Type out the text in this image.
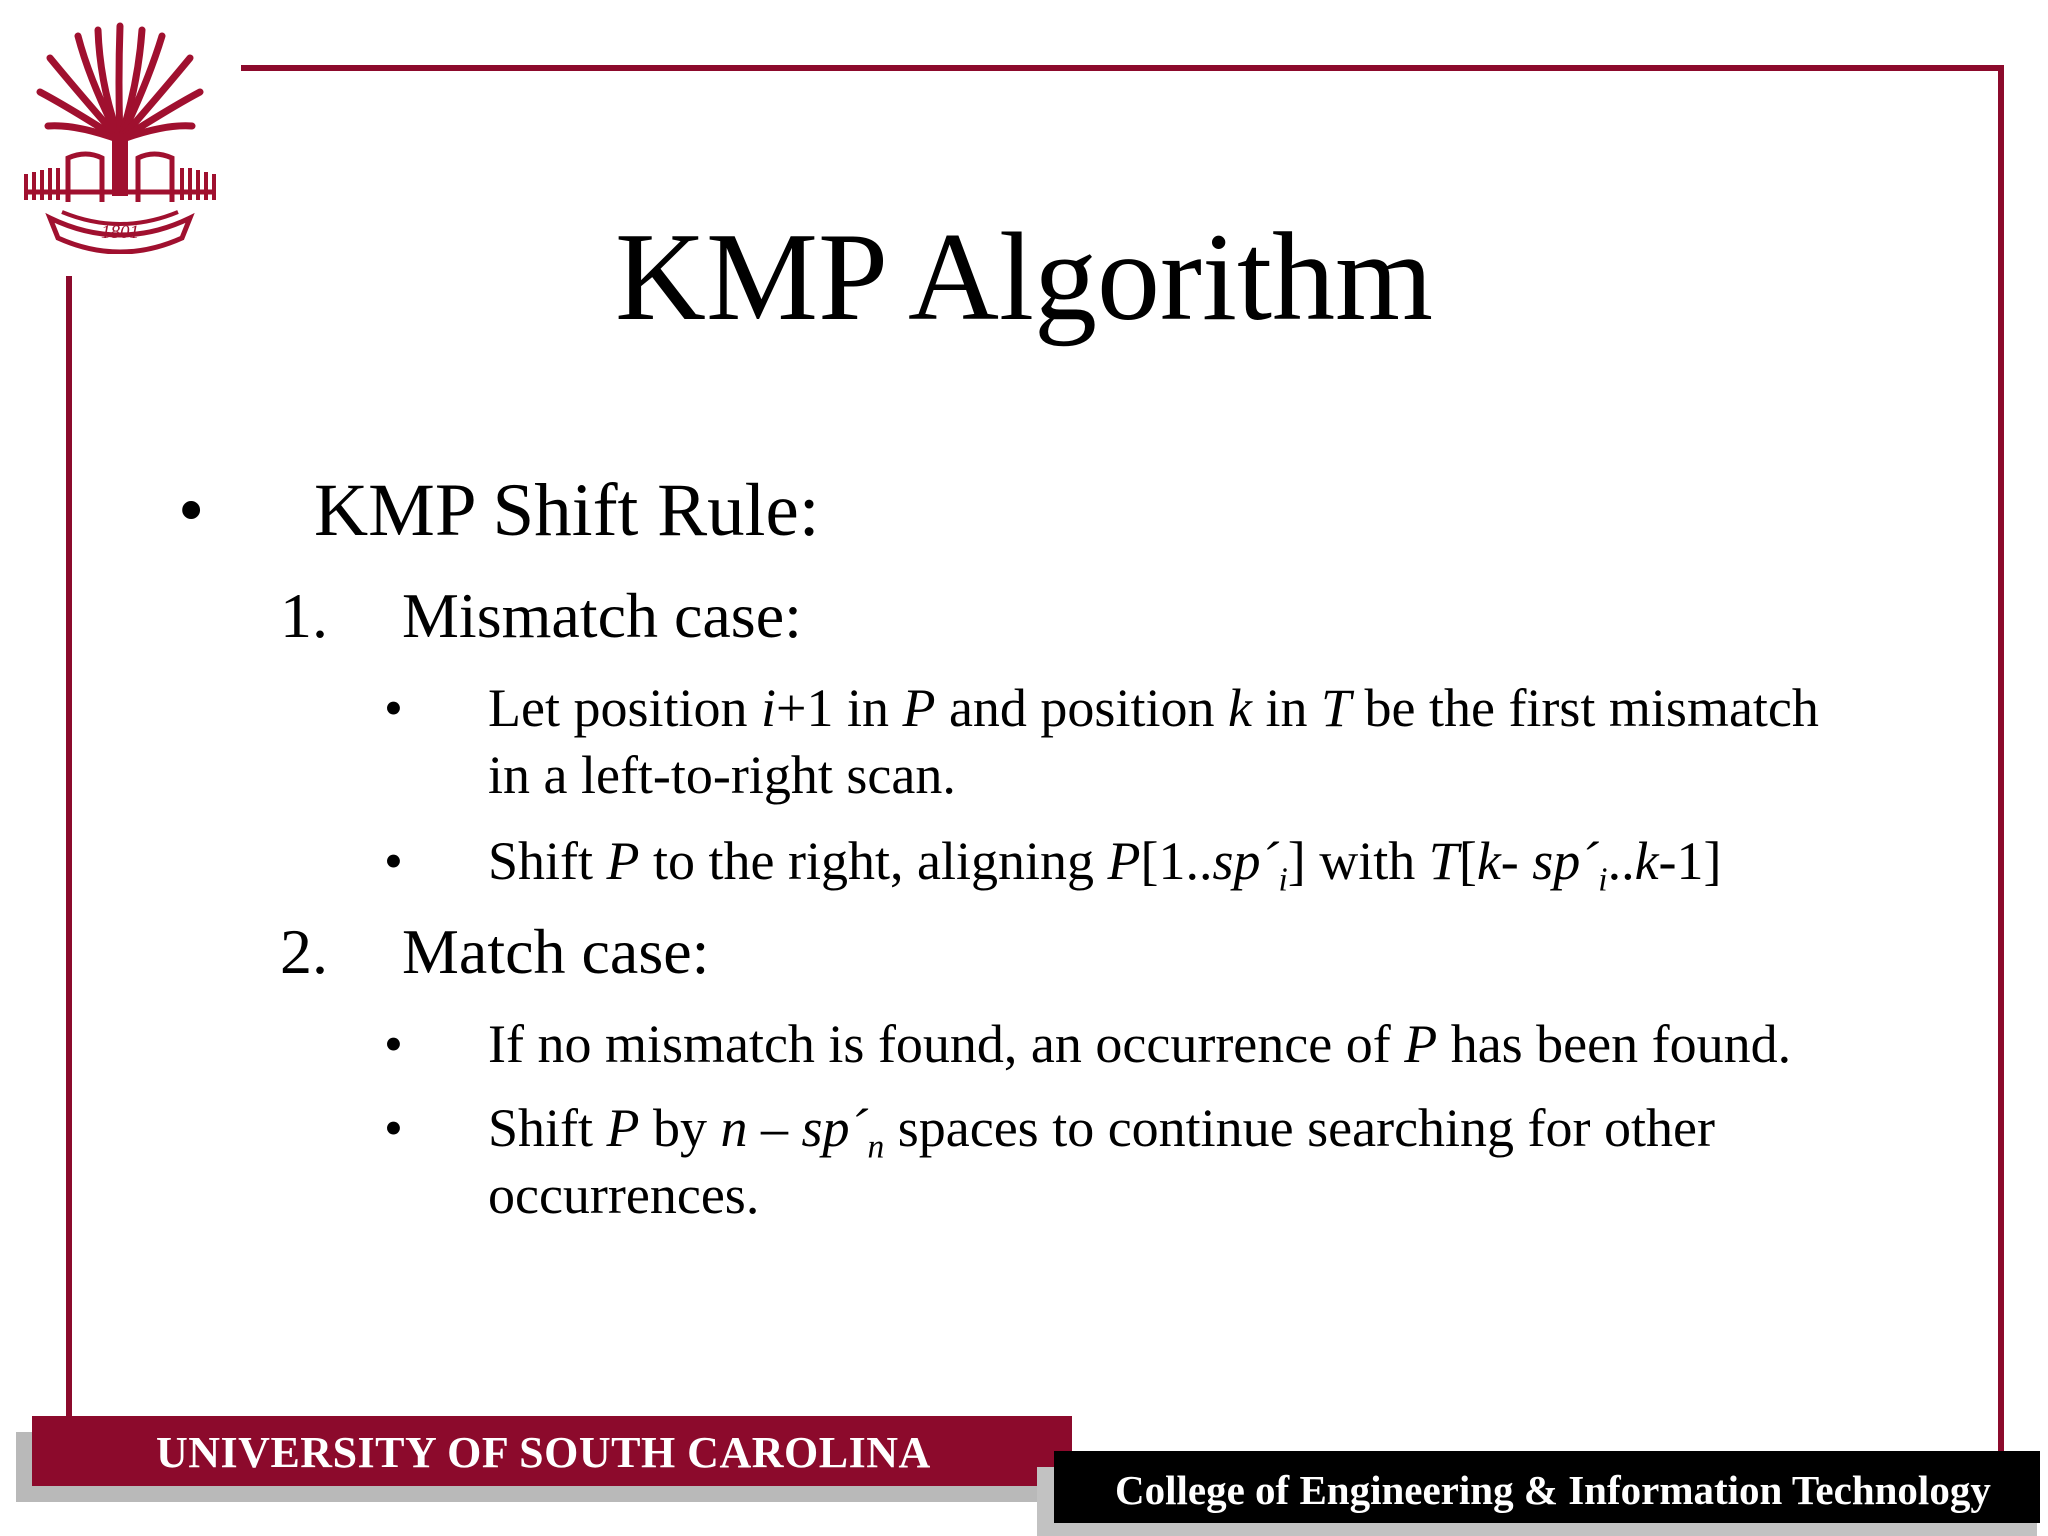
1801	KMP Algorithm
• KMP Shift Rule:
1. Mismatch case:
• Let position i+1 in P and position k in T be the first mismatch
in a left-to-right scan.
• Shift P to the right, aligning $P[1..sp´_i]$ with T[k- $sp´_i..k-1$]
2. Match case:
• If no mismatch is found, an occurrence of P has been found.
• Shift P by n – $sp´_n$ spaces to continue searching for other
occurrences.
UNIVERSITY OF SOUTH CAROLINA
College of Engineering & Information Technology
